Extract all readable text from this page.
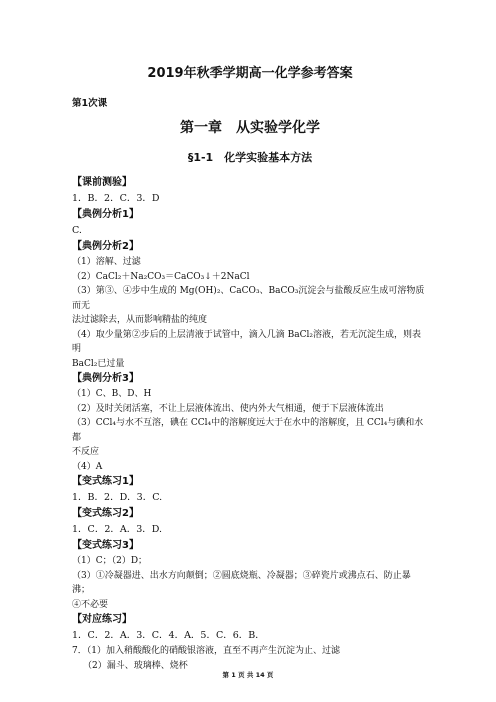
2019年秋季学期高一化学参考答案
第1次课
第一章　从实验学化学
§1-1　化学实验基本方法
【课前测验】
1．B．2．C．3．D
【典例分析1】
C.
【典例分析2】
（1）溶解、过滤
（2）CaCl₂＋Na₂CO₃＝CaCO₃↓＋2NaCl
（3）第③、④步中生成的 Mg(OH)₂、CaCO₃、BaCO₃沉淀会与盐酸反应生成可溶物质而无
法过滤除去，从而影响精盐的纯度
（4）取少量第②步后的上层清液于试管中，滴入几滴 BaCl₂溶液，若无沉淀生成，则表明
BaCl₂已过量
【典例分析3】
（1）C、B、D、H
（2）及时关闭活塞，不让上层液体流出、使内外大气相通，便于下层液体流出
（3）CCl₄与水不互溶，碘在 CCl₄中的溶解度远大于在水中的溶解度，且 CCl₄与碘和水都
不反应
（4）A
【变式练习1】
1．B．2．D．3．C.
【变式练习2】
1．C．2．A．3．D.
【变式练习3】
（1）C；（2）D；
（3）①冷凝器进、出水方向颠倒；②圆底烧瓶、冷凝器；③碎瓷片或沸点石、防止暴沸；
④不必要
【对应练习】
1．C．2．A．3．C．4．A．5．C．6．B．
7．（1）加入稍酸酸化的硝酸银溶液，直至不再产生沉淀为止、过滤
（2）漏斗、玻璃棒、烧杯
第 1 页 共 14 页
